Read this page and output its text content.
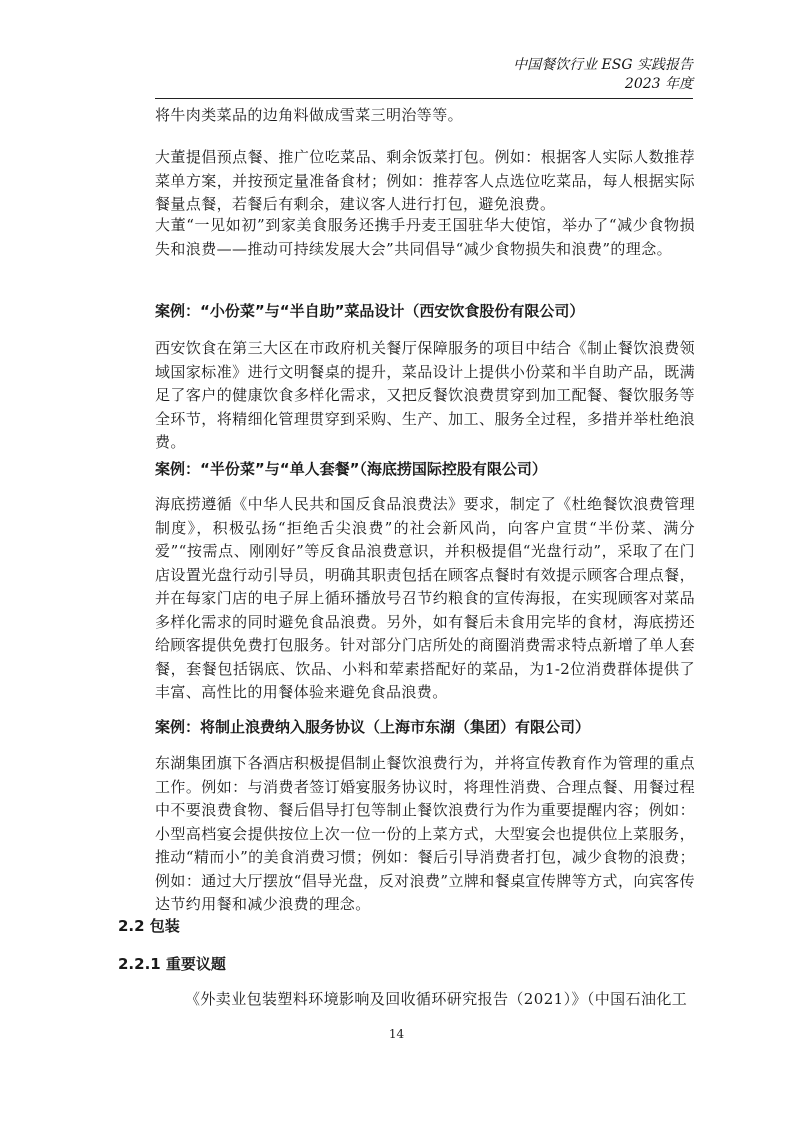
中国餐饮行业 ESG 实践报告
2023 年度

将牛肉类菜品的边角料做成雪菜三明治等等。

大董提倡预点餐、推广位吃菜品、剩余饭菜打包。例如：根据客人实际人数推荐菜单方案，并按预定量准备食材；例如：推荐客人点选位吃菜品，每人根据实际餐量点餐，若餐后有剩余，建议客人进行打包，避免浪费。

大董“一见如初”到家美食服务还携手丹麦王国驻华大使馆，举办了“减少食物损失和浪费——推动可持续发展大会”共同倡导“减少食物损失和浪费”的理念。

案例：“小份菜”与“半自助”菜品设计（西安饮食股份有限公司）

西安饮食在第三大区在市政府机关餐厅保障服务的项目中结合《制止餐饮浪费领域国家标准》进行文明餐桌的提升，菜品设计上提供小份菜和半自助产品，既满足了客户的健康饮食多样化需求，又把反餐饮浪费贯穿到加工配餐、餐饮服务等全环节，将精细化管理贯穿到采购、生产、加工、服务全过程，多措并举杜绝浪费。

案例：“半份菜”与“单人套餐”（海底捞国际控股有限公司）

海底捞遵循《中华人民共和国反食品浪费法》要求，制定了《杜绝餐饮浪费管理制度》，积极弘扬“拒绝舌尖浪费”的社会新风尚，向客户宣贯“半份菜、满分爱”“按需点、刚刚好”等反食品浪费意识，并积极提倡“光盘行动”，采取了在门店设置光盘行动引导员，明确其职责包括在顾客点餐时有效提示顾客合理点餐，并在每家门店的电子屏上循环播放号召节约粮食的宣传海报，在实现顾客对菜品多样化需求的同时避免食品浪费。另外，如有餐后未食用完毕的食材，海底捞还给顾客提供免费打包服务。针对部分门店所处的商圈消费需求特点新增了单人套餐，套餐包括锅底、饮品、小料和荤素搭配好的菜品，为1-2位消费群体提供了丰富、高性比的用餐体验来避免食品浪费。

案例：将制止浪费纳入服务协议（上海市东湖（集团）有限公司）

东湖集团旗下各酒店积极提倡制止餐饮浪费行为，并将宣传教育作为管理的重点工作。例如：与消费者签订婚宴服务协议时，将理性消费、合理点餐、用餐过程中不要浪费食物、餐后倡导打包等制止餐饮浪费行为作为重要提醒内容；例如：小型高档宴会提供按位上次一位一份的上菜方式，大型宴会也提供位上菜服务，推动“精而小”的美食消费习惯；例如：餐后引导消费者打包，减少食物的浪费；例如：通过大厅摆放“倡导光盘，反对浪费”立牌和餐桌宣传牌等方式，向宾客传达节约用餐和减少浪费的理念。

2.2 包装

2.2.1 重要议题

《外卖业包装塑料环境影响及回收循环研究报告（2021）》（中国石油化工

14
